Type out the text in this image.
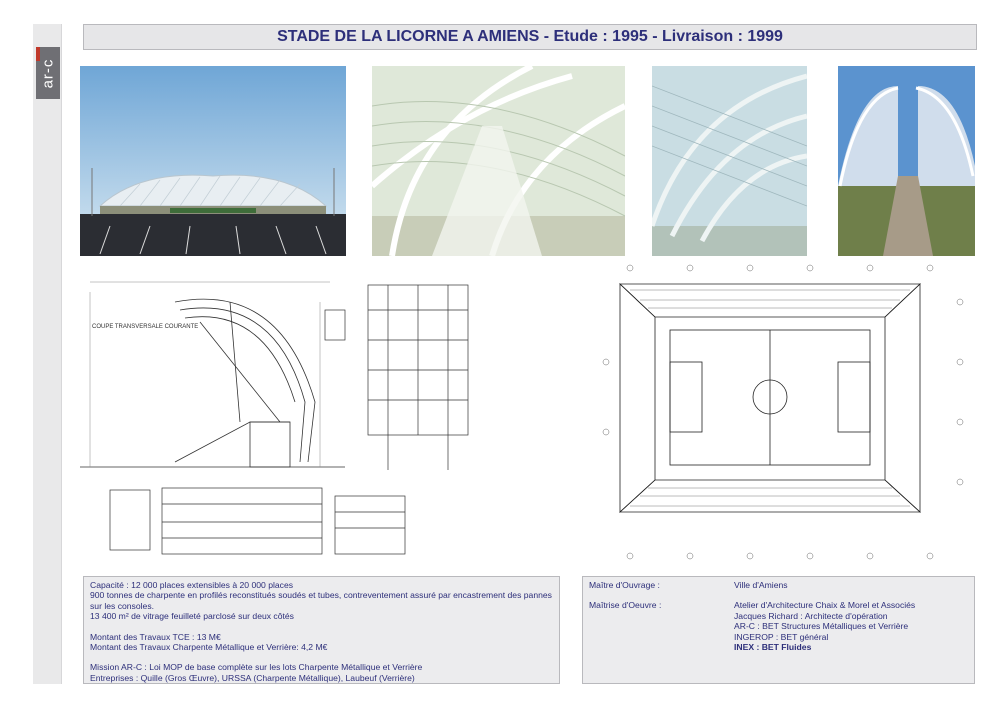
ar-c
STADE DE LA LICORNE A AMIENS - Etude : 1995 - Livraison : 1999
COUPE TRANSVERSALE COURANTE

Capacité : 12 000 places extensibles à 20 000 places

900 tonnes de charpente en profilés reconstitués soudés et tubes, contreventement assuré par encastrement des pannes sur les consoles.

13 400 m² de vitrage feuilleté parclosé sur deux côtés

Montant des Travaux TCE : 13 M€

Montant des Travaux Charpente Métallique et Verrière: 4,2 M€

Mission AR-C : Loi MOP de base complète sur les lots Charpente Métallique et Verrière

Entreprises : Quille (Gros Œuvre), URSSA (Charpente Métallique), Laubeuf (Verrière)

Maître d'Ouvrage :	Ville d'Amiens
Maîtrise d'Oeuvre :	Atelier d'Architecture Chaix & Morel et Associés
Jacques Richard : Architecte d'opération
AR-C : BET Structures Métalliques et Verrière
INGEROP : BET général
INEX : BET Fluides
